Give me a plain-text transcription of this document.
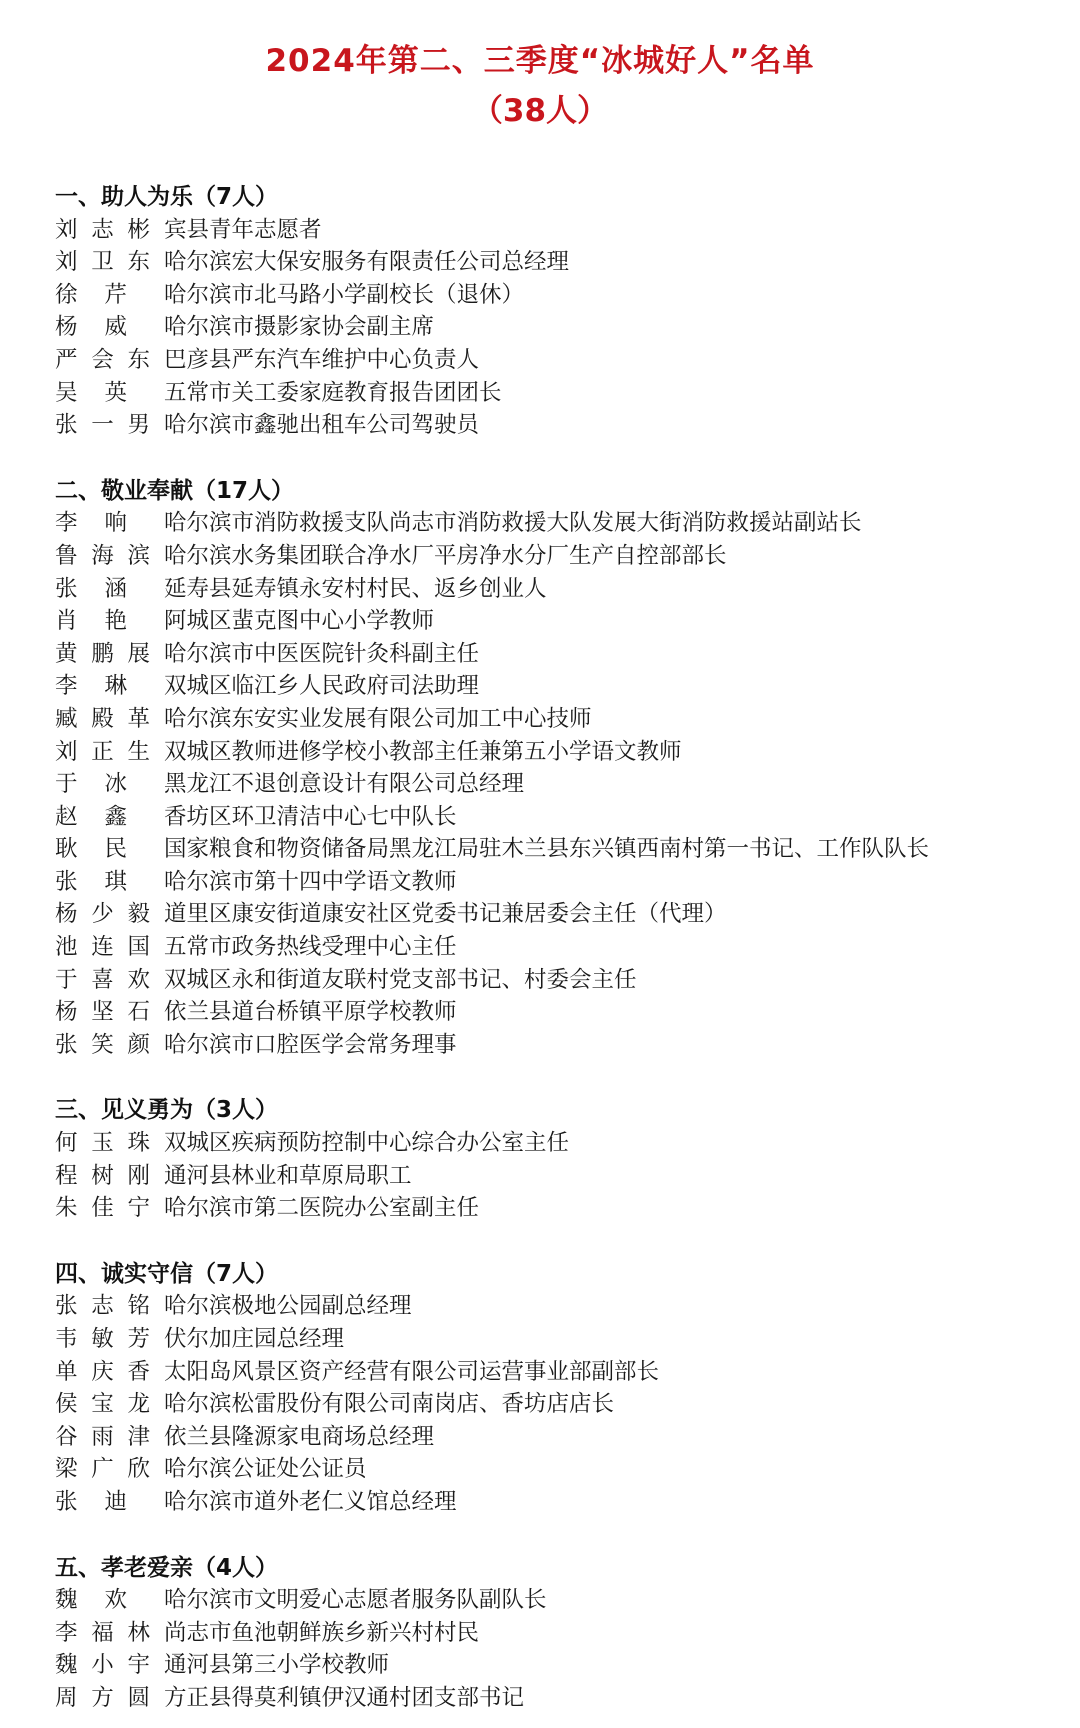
2024年第二、三季度“冰城好人”名单
（38人）
一、助人为乐（7人）
刘志彬 宾县青年志愿者
刘卫东 哈尔滨宏大保安服务有限责任公司总经理
徐 芹 哈尔滨市北马路小学副校长（退休）
杨 威 哈尔滨市摄影家协会副主席
严会东 巴彦县严东汽车维护中心负责人
吴 英 五常市关工委家庭教育报告团团长
张一男 哈尔滨市鑫驰出租车公司驾驶员
二、敬业奉献（17人）
李 响 哈尔滨市消防救援支队尚志市消防救援大队发展大街消防救援站副站长
鲁海滨 哈尔滨水务集团联合净水厂平房净水分厂生产自控部部长
张 涵 延寿县延寿镇永安村村民、返乡创业人
肖 艳 阿城区蜚克图中心小学教师
黄鹏展 哈尔滨市中医医院针灸科副主任
李 琳 双城区临江乡人民政府司法助理
臧殿革 哈尔滨东安实业发展有限公司加工中心技师
刘正生 双城区教师进修学校小教部主任兼第五小学语文教师
于 冰 黑龙江不退创意设计有限公司总经理
赵 鑫 香坊区环卫清洁中心七中队长
耿 民 国家粮食和物资储备局黑龙江局驻木兰县东兴镇西南村第一书记、工作队队长
张 琪 哈尔滨市第十四中学语文教师
杨少毅 道里区康安街道康安社区党委书记兼居委会主任（代理）
池连国 五常市政务热线受理中心主任
于喜欢 双城区永和街道友联村党支部书记、村委会主任
杨坚石 依兰县道台桥镇平原学校教师
张笑颜 哈尔滨市口腔医学会常务理事
三、见义勇为（3人）
何玉珠 双城区疾病预防控制中心综合办公室主任
程树刚 通河县林业和草原局职工
朱佳宁 哈尔滨市第二医院办公室副主任
四、诚实守信（7人）
张志铭 哈尔滨极地公园副总经理
韦敏芳 伏尔加庄园总经理
单庆香 太阳岛风景区资产经营有限公司运营事业部副部长
侯宝龙 哈尔滨松雷股份有限公司南岗店、香坊店店长
谷雨津 依兰县隆源家电商场总经理
梁广欣 哈尔滨公证处公证员
张 迪 哈尔滨市道外老仁义馆总经理
五、孝老爱亲（4人）
魏 欢 哈尔滨市文明爱心志愿者服务队副队长
李福林 尚志市鱼池朝鲜族乡新兴村村民
魏小宇 通河县第三小学校教师
周方圆 方正县得莫利镇伊汉通村团支部书记
